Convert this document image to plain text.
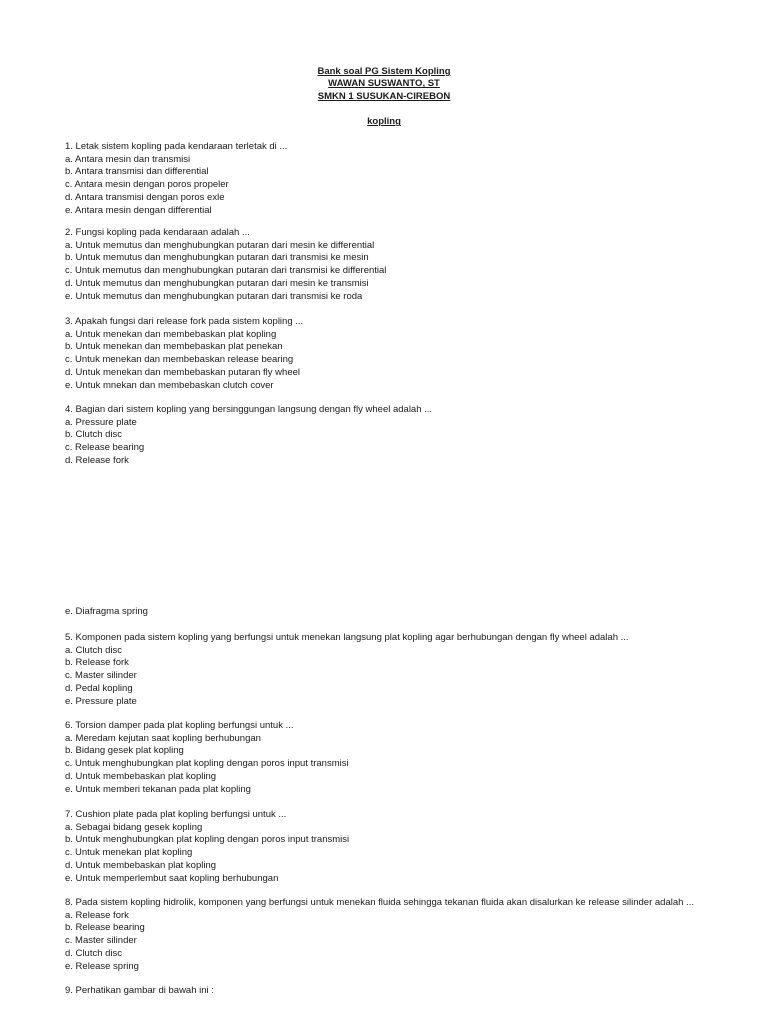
Bank soal PG Sistem Kopling
WAWAN SUSWANTO, ST
SMKN 1 SUSUKAN-CIREBON
kopling
1. Letak sistem kopling pada kendaraan terletak di ...
a. Antara mesin dan transmisi
b. Antara transmisi dan differential
c. Antara mesin dengan poros propeler
d. Antara transmisi dengan poros exle
e. Antara mesin dengan differential
2. Fungsi kopling pada kendaraan adalah ...
a. Untuk memutus dan menghubungkan putaran dari mesin ke differential
b. Untuk memutus dan menghubungkan putaran dari transmisi ke mesin
c. Untuk memutus dan menghubungkan putaran dari transmisi ke differential
d. Untuk memutus dan menghubungkan putaran dari mesin ke transmisi
e. Untuk memutus dan menghubungkan putaran dari transmisi ke roda
3. Apakah fungsi dari release fork pada sistem kopling ...
a. Untuk menekan dan membebaskan plat kopling
b. Untuk menekan dan membebaskan plat penekan
c. Untuk menekan dan membebaskan release bearing
d. Untuk menekan dan membebaskan putaran fly wheel
e. Untuk mnekan dan membebaskan clutch cover
4. Bagian dari sistem kopling yang bersinggungan langsung dengan fly wheel adalah ...
a. Pressure plate
b. Clutch disc
c. Release bearing
d. Release fork
e. Diafragma spring
5. Komponen pada sistem kopling yang berfungsi untuk menekan langsung plat kopling agar berhubungan dengan fly wheel adalah ...
a. Clutch disc
b. Release fork
c. Master silinder
d. Pedal kopling
e. Pressure plate
6. Torsion damper pada plat kopling berfungsi untuk ...
a. Meredam kejutan saat kopling berhubungan
b. Bidang gesek plat kopling
c. Untuk menghubungkan plat kopling dengan poros input transmisi
d. Untuk membebaskan plat kopling
e. Untuk memberi tekanan pada plat kopling
7. Cushion plate pada plat kopling berfungsi untuk ...
a. Sebagai bidang gesek kopling
b. Untuk menghubungkan plat kopling dengan poros input transmisi
c. Untuk menekan plat kopling
d. Untuk membebaskan plat kopling
e. Untuk memperlembut saat kopling berhubungan
8. Pada sistem kopling hidrolik, komponen yang berfungsi untuk menekan fluida sehingga tekanan fluida akan disalurkan ke release silinder adalah ...
a. Release fork
b. Release bearing
c. Master silinder
d. Clutch disc
e. Release spring
9. Perhatikan gambar di bawah ini :
